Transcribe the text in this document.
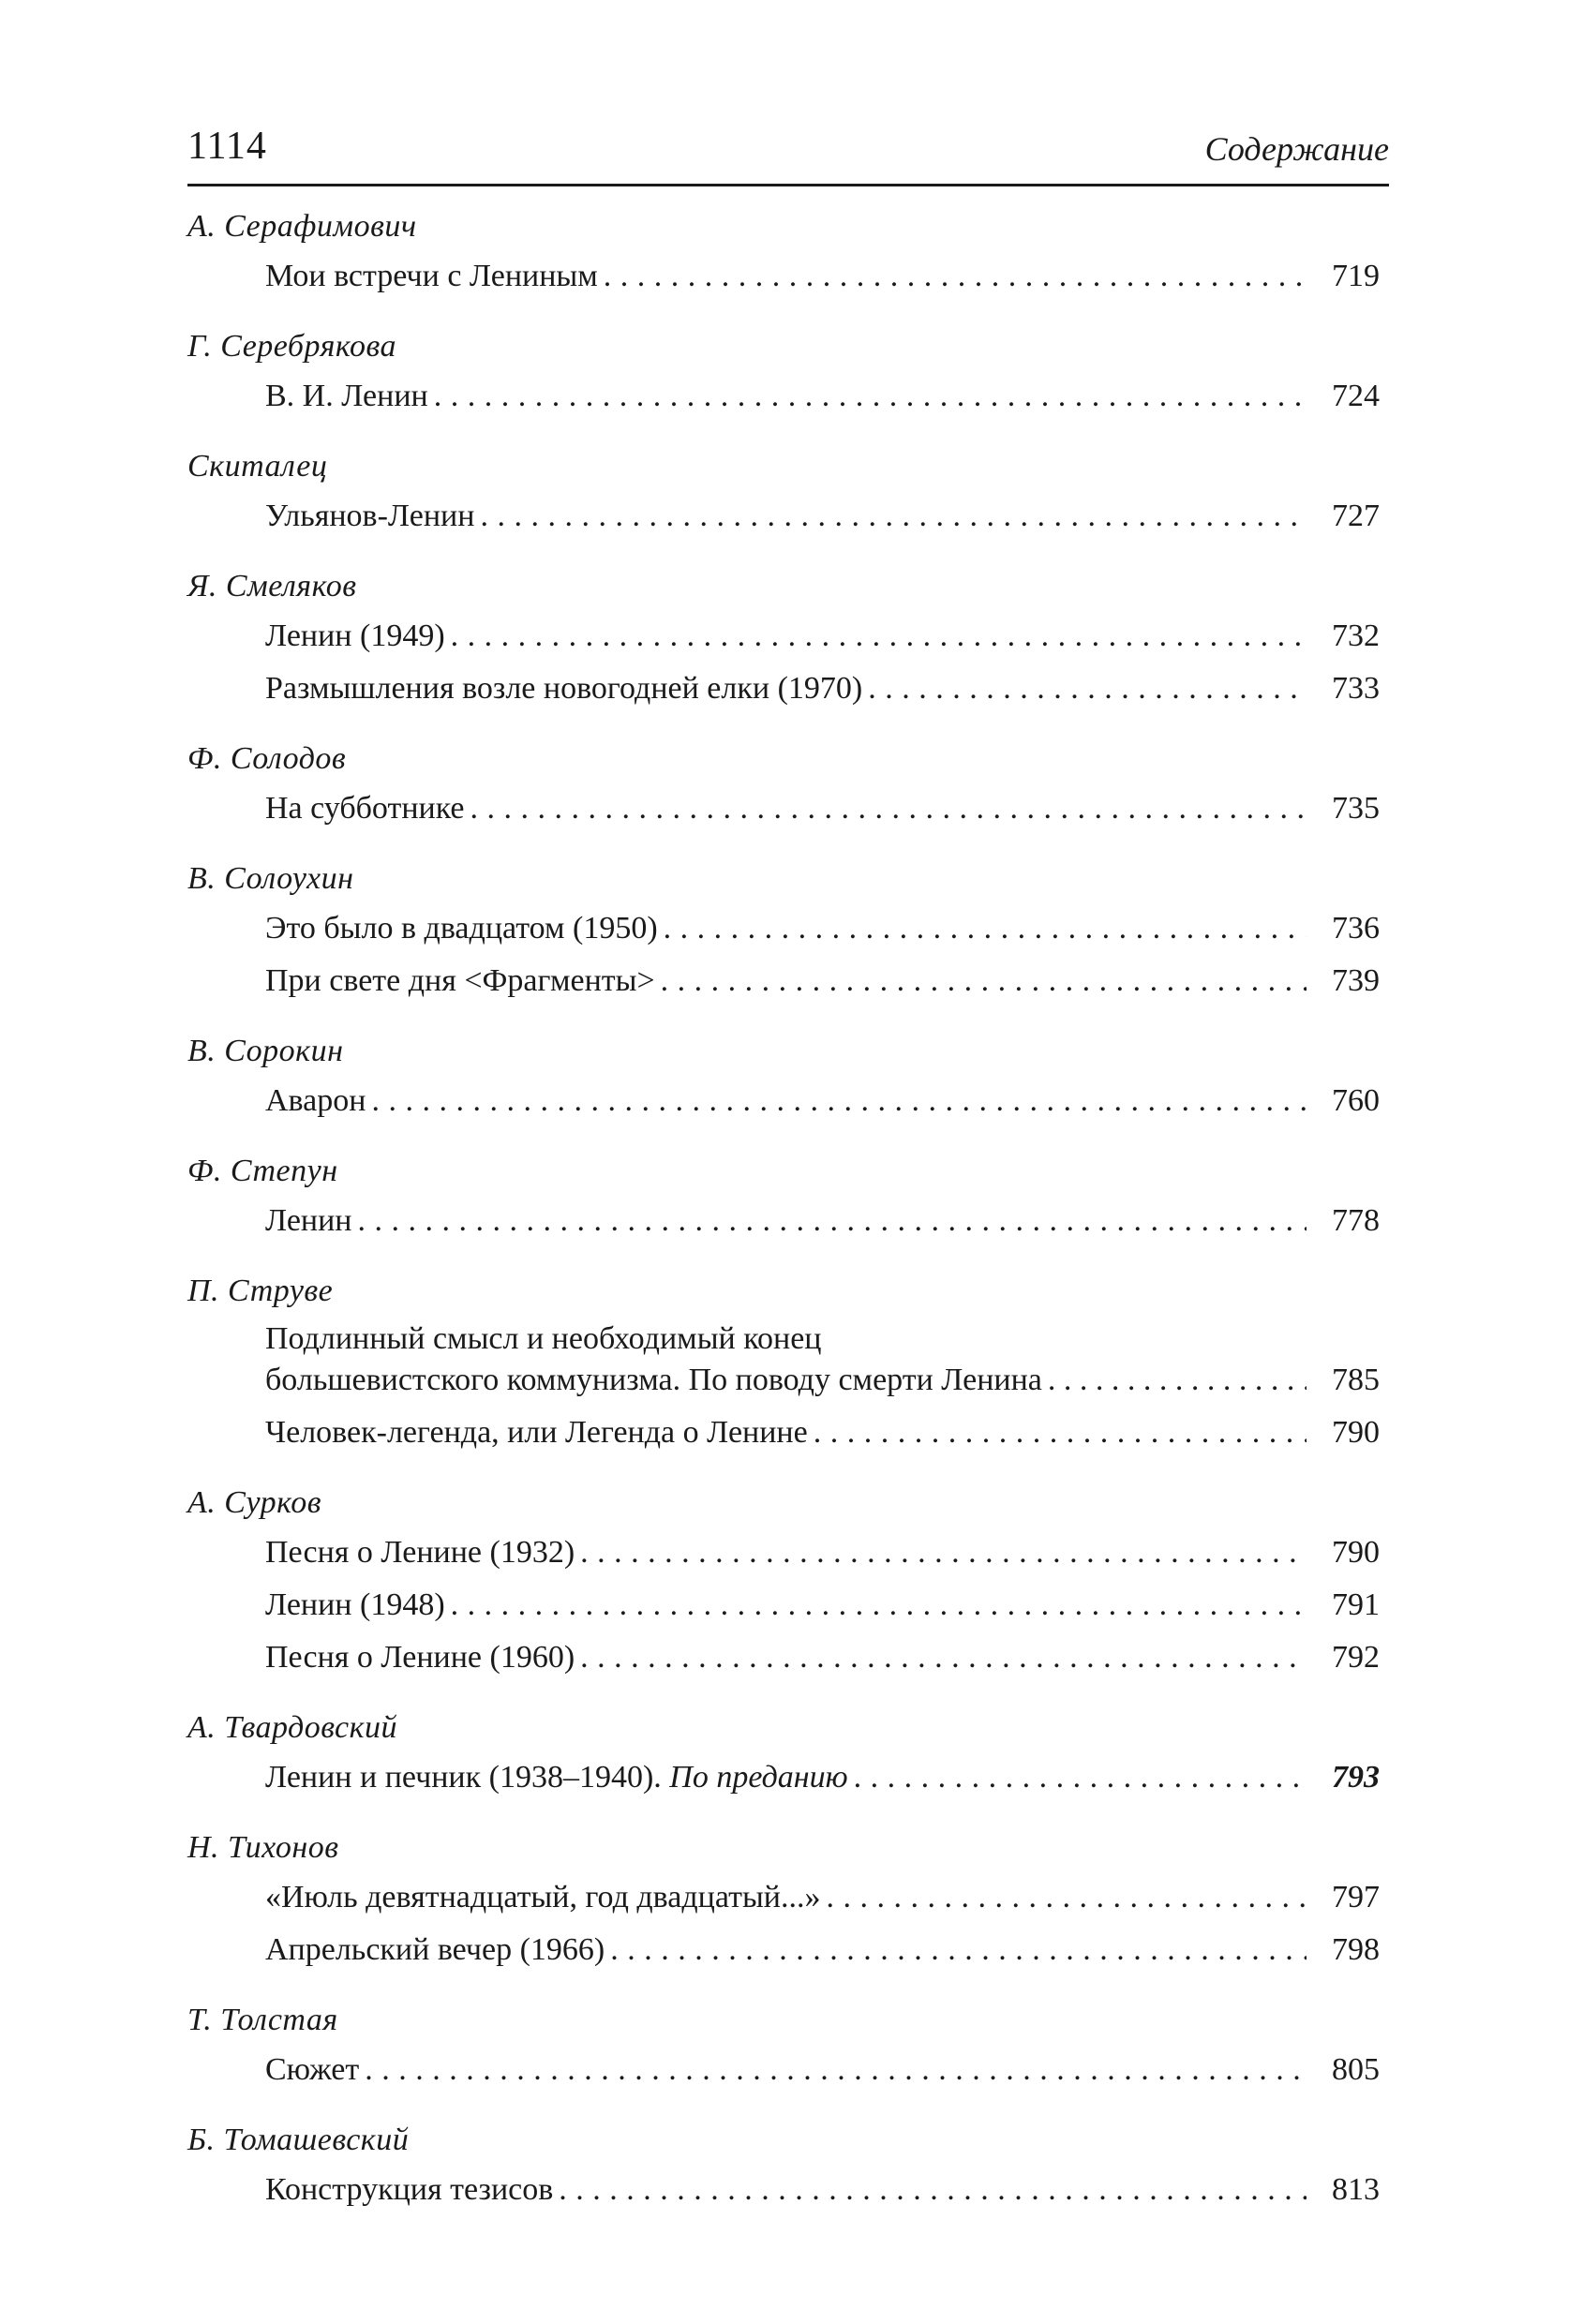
1114	Содержание
А. Серафимович
Мои встречи с Лениным . . .	719
Г. Серебрякова
В. И. Ленин . . .	724
Скиталец
Ульянов-Ленин . . .	727
Я. Смеляков
Ленин (1949) . . .	732
Размышления возле новогодней елки (1970) . . .	733
Ф. Солодов
На субботнике . . .	735
В. Солоухин
Это было в двадцатом (1950) . . .	736
При свете дня <Фрагменты> . . .	739
В. Сорокин
Аварон . . .	760
Ф. Степун
Ленин . . .	778
П. Струве
Подлинный смысл и необходимый конец
большевистского коммунизма. По поводу смерти Ленина . . .	785
Человек-легенда, или Легенда о Ленине . . .	790
А. Сурков
Песня о Ленине (1932) . . .	790
Ленин (1948) . . .	791
Песня о Ленине (1960) . . .	792
А. Твардовский
Ленин и печник (1938–1940). По преданию . . .	793
Н. Тихонов
«Июль девятнадцатый, год двадцатый...» . . .	797
Апрельский вечер (1966) . . .	798
Т. Толстая
Сюжет . . .	805
Б. Томашевский
Конструкция тезисов . . .	813
